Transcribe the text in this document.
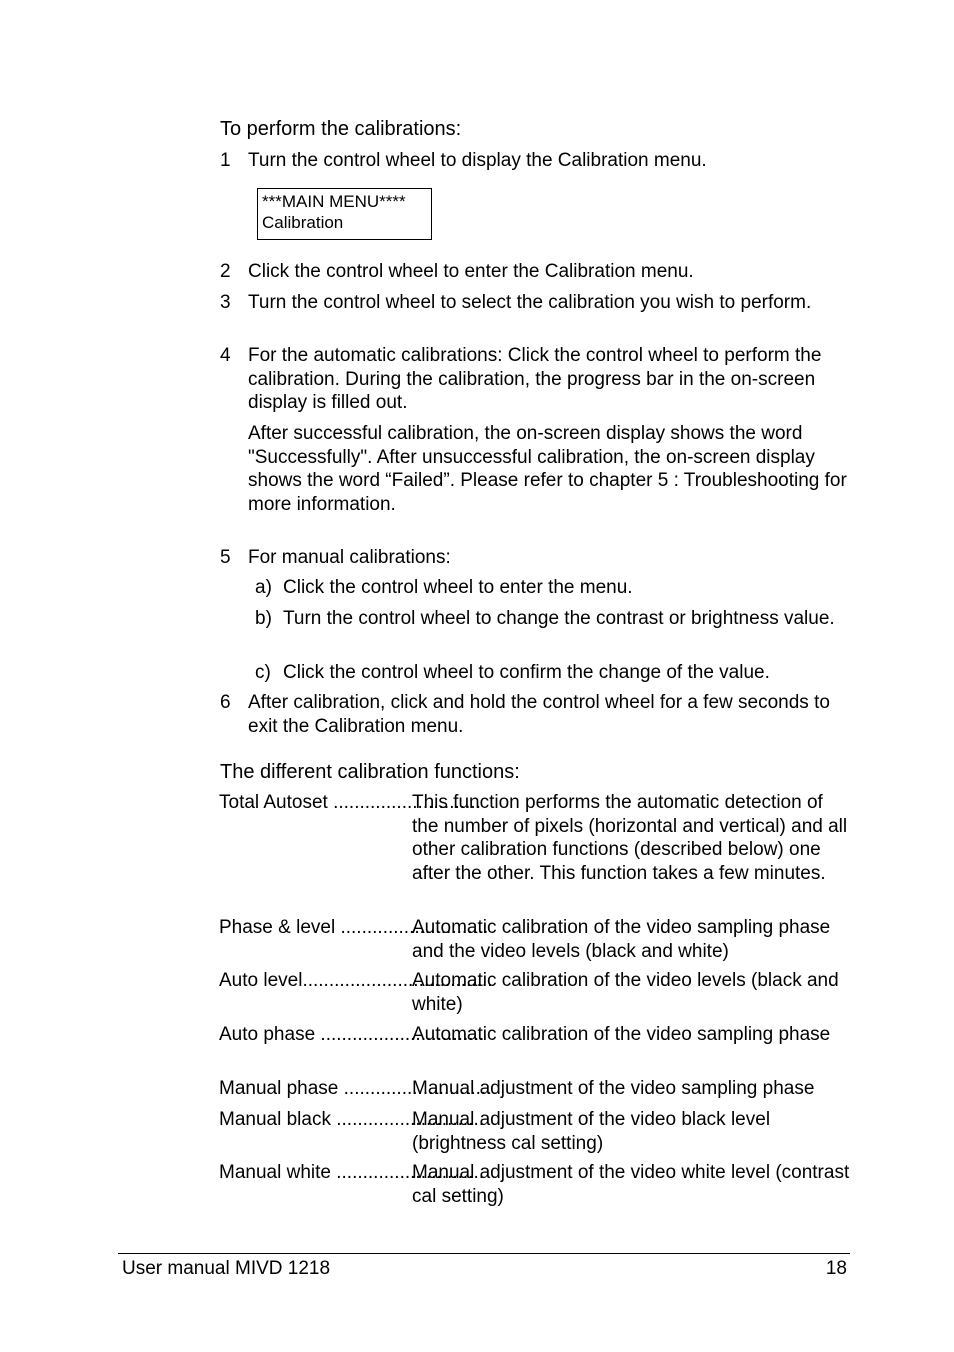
To perform the calibrations:
1 Turn the control wheel to display the Calibration menu.
***MAIN MENU****
Calibration
2 Click the control wheel to enter the Calibration menu.
3 Turn the control wheel to select the calibration you wish to perform.
4 For the automatic calibrations: Click the control wheel to perform the calibration. During the calibration, the progress bar in the on-screen display is filled out.
After successful calibration, the on-screen display shows the word "Successfully". After unsuccessful calibration, the on-screen display shows the word “Failed”. Please refer to chapter 5 : Troubleshooting for more information.
5 For manual calibrations:
a) Click the control wheel to enter the menu.
b) Turn the control wheel to change the contrast or brightness value.
c) Click the control wheel to confirm the change of the value.
6 After calibration, click and hold the control wheel for a few seconds to exit the Calibration menu.
The different calibration functions:
Total Autoset ............................
This function performs the automatic detection of the number of pixels (horizontal and vertical) and all other calibration functions (described below) one after the other. This function takes a few minutes.
Phase & level ............................
Automatic calibration of the video sampling phase and the video levels (black and white)
Auto level....................................
Automatic calibration of the video levels (black and white)
Auto phase ...............................
Automatic calibration of the video sampling phase
Manual phase ............................
Manual adjustment of the video sampling phase
Manual black ............................
Manual adjustment of the video black level (brightness cal setting)
Manual white ............................
Manual adjustment of the video white level (contrast cal setting)
User manual MIVD 1218	18
